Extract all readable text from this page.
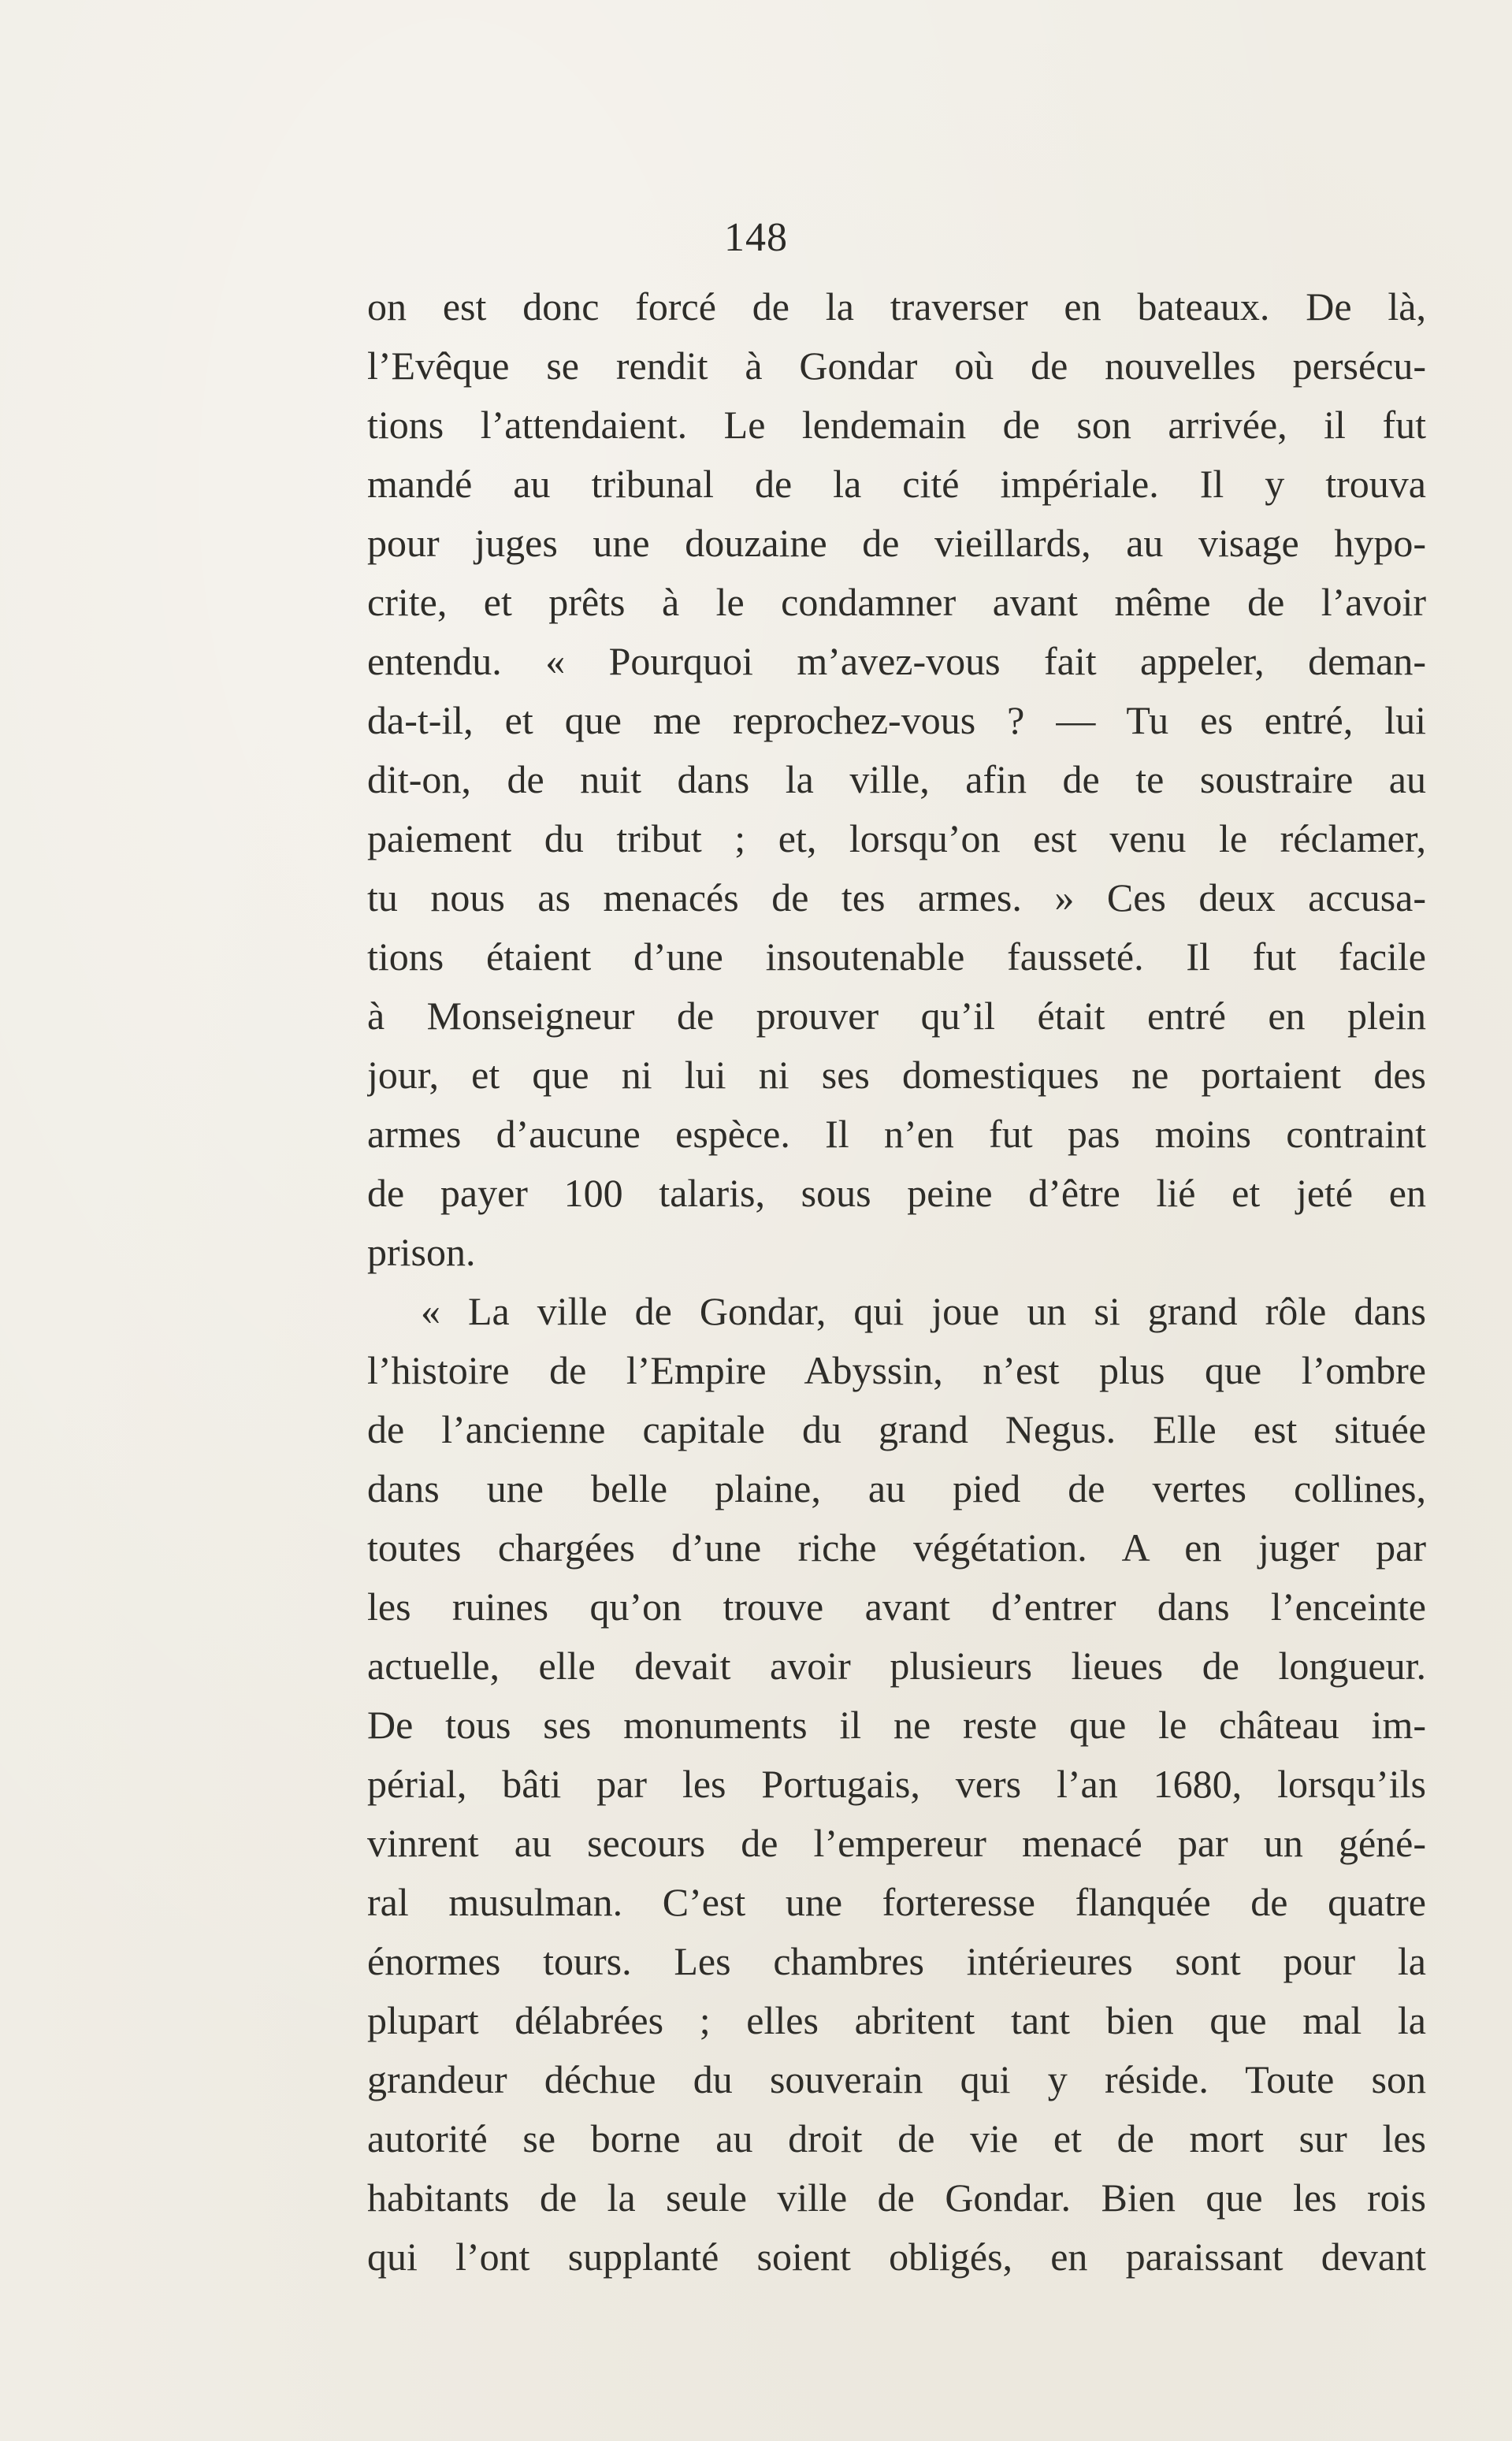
148
on est donc forcé de la traverser en bateaux. De là,
l’Evêque se rendit à Gondar où de nouvelles persécu-
tions l’attendaient. Le lendemain de son arrivée, il fut
mandé au tribunal de la cité impériale. Il y trouva
pour juges une douzaine de vieillards, au visage hypo-
crite, et prêts à le condamner avant même de l’avoir
entendu. « Pourquoi m’avez-vous fait appeler, deman-
da-t-il, et que me reprochez-vous ? — Tu es entré, lui
dit-on, de nuit dans la ville, afin de te soustraire au
paiement du tribut ; et, lorsqu’on est venu le réclamer,
tu nous as menacés de tes armes. » Ces deux accusa-
tions étaient d’une insoutenable fausseté. Il fut facile
à Monseigneur de prouver qu’il était entré en plein
jour, et que ni lui ni ses domestiques ne portaient des
armes d’aucune espèce. Il n’en fut pas moins contraint
de payer 100 talaris, sous peine d’être lié et jeté en
prison.
« La ville de Gondar, qui joue un si grand rôle dans
l’histoire de l’Empire Abyssin, n’est plus que l’ombre
de l’ancienne capitale du grand Negus. Elle est située
dans une belle plaine, au pied de vertes collines,
toutes chargées d’une riche végétation. A en juger par
les ruines qu’on trouve avant d’entrer dans l’enceinte
actuelle, elle devait avoir plusieurs lieues de longueur.
De tous ses monuments il ne reste que le château im-
périal, bâti par les Portugais, vers l’an 1680, lorsqu’ils
vinrent au secours de l’empereur menacé par un géné-
ral musulman. C’est une forteresse flanquée de quatre
énormes tours. Les chambres intérieures sont pour la
plupart délabrées ; elles abritent tant bien que mal la
grandeur déchue du souverain qui y réside. Toute son
autorité se borne au droit de vie et de mort sur les
habitants de la seule ville de Gondar. Bien que les rois
qui l’ont supplanté soient obligés, en paraissant devant
